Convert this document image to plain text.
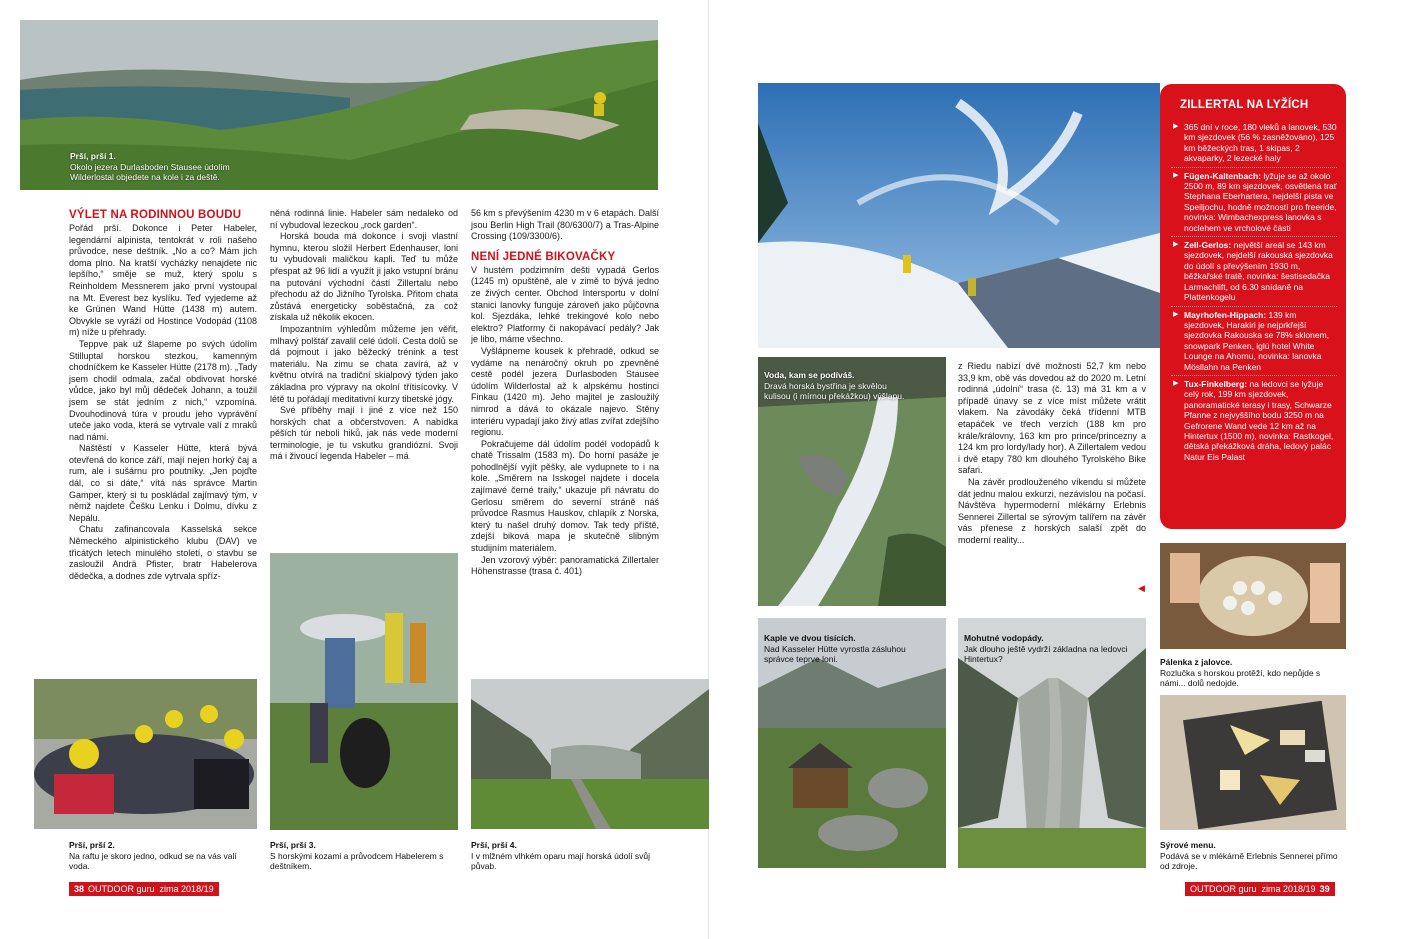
Prší, prší 1.
Okolo jezera Durlasboden Stausee údolím Wilderlostal objedete na kole i za deště.
VÝLET NA RODINNOU BOUDU

Pořád prší. Dokonce i Peter Habeler, legendární alpinista, tentokrát v roli našeho průvodce, nese deštník. „No a co? Mám jich doma plno. Na kratší vycházky nenajdete nic lepšího,“ směje se muž, který spolu s Reinholdem Messnerem jako první vystoupal na Mt. Everest bez kyslíku. Teď vyjedeme až ke Grünen Wand Hütte (1438 m) autem. Obvykle se vyráží od Hostince Vodopád (1108 m) níže u přehrady.

Tepрve pak už šlapeme po svých údolím Stilluptal horskou stezkou, kamenným chodníčkem ke Kasseler Hütte (2178 m). „Tady jsem chodil odmala, začal obdivovat horské vůdce, jako byl můj dědeček Johann, a toužil jsem se stát jedním z nich,“ vzpomíná. Dvouhodinová túra v proudu jeho vyprávění uteče jako voda, která se vytrvale valí z mraků nad námi.

Naštěstí v Kasseler Hütte, která bývá otevřená do konce září, mají nejen horký čaj a rum, ale i sušárnu pro poutníky. „Jen pojďte dál, co si dáte,“ vítá nás správce Martin Gamper, který si tu poskládal zajímavý tým, v němž najdete Češku Lenku i Dolmu, dívku z Nepálu.

Chatu zafinancovala Kasselská sekce Německého alpinistického klubu (DAV) ve třicátých letech minulého století, o stavbu se zasloužil Andrä Pfister, bratr Habelerova dědečka, a dodnes zde vytrvala spříz-

něná rodinná linie. Habeler sám nedaleko od ní vybudoval lezeckou „rock garden“.

Horská bouda má dokonce i svoji vlastní hymnu, kterou složil Herbert Edenhauser, loni tu vybudovali maličkou kapli. Teď tu může přespat až 96 lidí a využít ji jako vstupní bránu na putování východní částí Zillertalu nebo přechodu až do Jižního Tyrolska. Přitom chata zůstává energeticky soběstačná, za což získala už několik ekocen.

Impozantním výhledům můžeme jen věřit, mlhavý polštář zavalil celé údolí. Cesta dolů se dá pojmout i jako běžecký trénink a test materiálu. Na zimu se chata zavírá, až v květnu otvírá na tradiční skialpový týden jako základna pro výpravy na okolní třítisícovky. V létě tu pořádají meditativní kurzy tibetské jógy.

Své příběhy mají i jiné z více než 150 horských chat a občerstvoven. A nabídka pěších túr neboli hiků, jak nás vede moderní terminologie, je tu vskutku grandiózní. Svoji má i živoucí legenda Habeler – má

56 km s převýšením 4230 m v 6 etapách. Další jsou Berlin High Trail (80/6300/7) a Tras-Alpine Crossing (109/3300/6).

NENÍ JEDNÉ BIKOVAČKY

V hustém podzimním dešti vypadá Gerlos (1245 m) opuštěně, ale v zimě to bývá jedno ze živých center. Obchod Intersportu v dolní stanici lanovky funguje zároveň jako půjčovna kol. Sjezdáka, lehké trekingové kolo nebo elektro? Platformy či nakopávací pedály? Jak je libo, máme všechno.

Vyšlápneme kousek k přehradě, odkud se vydáme na nenáročný okruh po zpevněné cestě podél jezera Durlasboden Stausee údolím Wilderlostal až k alpskému hostinci Finkau (1420 m). Jeho majitel je zasloužilý nimrod a dává to okázale najevo. Stěny interiéru vypadají jako živý atlas zvířat zdejšího regionu.

Pokračujeme dál údolím podél vodopádů k chatě Trissalm (1583 m). Do horní pasáže je pohodlnější vyjít pěšky, ale vydupnete to i na kole. „Směrem na Isskogel najdete i docela zajímavé černé traily,“ ukazuje při návratu do Gerlosu směrem do severní stráně náš průvodce Rasmus Hauskov, chlapík z Norska, který tu našel druhý domov. Tak tedy příště, zdejší biková mapa je skutečně slibným studijním materiálem.

Jen vzorový výběr: panoramatická Zillertaler Höhenstrasse (trasa č. 401)

Prší, prší 2.
Na raftu je skoro jedno, odkud se na vás valí voda.
Prší, prší 3.
S horskými kozami a průvodcem Habelerem s deštníkem.
Prší, prší 4.
I v mlžném vlhkém oparu mají horská údolí svůj půvab.
38 OUTDOOR guru zima 2018/19
ZILLERTAL NA LYŽÍCH
▶ 365 dní v roce, 180 vleků a lanovek, 530 km sjezdovek (56 % zasněžováno), 125 km běžeckých tras, 1 skipas, 2 akvaparky, 2 lezecké haly
▶ Fügen-Kaltenbach: lyžuje se až okolo 2500 m, 89 km sjezdovek, osvětlená trať Stephana Eberhartera, nejdelší pista ve Speiljochu, hodně možností pro freeride, novinka: Wimbachexpress lanovka s noclehem ve vrcholové části
▶ Zell-Gerlos: největší areál se 143 km sjezdovek, nejdelší rakouská sjezdovka do údolí s převýšením 1930 m, běžkařské tratě, novinka: šestisedačka Larmachlift, od 6.30 snídaně na Plattenkogelu
▶ Mayrhofen-Hippach: 139 km sjezdovek, Harakiri je nejprkřejší sjezdovka Rakouska se 78% sklonem, snowpark Penken, iglú hotel White Lounge na Ahornu, novinka: lanovka Mösllahn na Penken
▶ Tux-Finkelberg: na ledovci se lyžuje celý rok, 199 km sjezdovek, panoramatické terasy i trasy, Schwarze Pfanne z nejvyššího bodu 3250 m na Gefrorene Wand vede 12 km až na Hintertux (1500 m), novinka: Rastkogel, dětská překážková dráha, ledový palác Natur Eis Palast
Voda, kam se podíváš.
Dravá horská bystřina je skvělou kulisou (i mírnou překážkou) výšlapu.

z Riedu nabízí dvě možnosti 52,7 km nebo 33,9 km, obě vás dovedou až do 2020 m. Letní rodinná „údolní“ trasa (č. 13) má 31 km a v případě únavy se z více míst můžete vrátit vlakem. Na závodáky čeká třídenní MTB etapáček ve třech verzích (188 km pro krále/královny, 163 km pro prince/princezny a 124 km pro lordy/lady hor). A Zillertalem vedou i dvě etapy 780 km dlouhého Tyrolského Bike safari.

Na závěr prodlouženého víkendu si můžete dát jednu malou exkurzi, nezávislou na počasí. Návštěva hypermoderní mlékárny Erlebnis Sennerei Zillertal se sýrovým talířem na závěr vás přenese z horských salaší zpět do moderní reality...

◀
Kaple ve dvou tisících.
Nad Kasseler Hütte vyrostla zásluhou správce teprve loni.
Mohutné vodopády.
Jak dlouho ještě vydrží základna na ledovci Hintertux?	Pálenka z jalovce.
Rozlučka s horskou protěží, kdo nepůjde s námi... dolů nedojde.
Sýrové menu.
Podává se v mlékárně Erlebnis Sennerei přímo od zdroje.
OUTDOOR guru zima 2018/19 39
